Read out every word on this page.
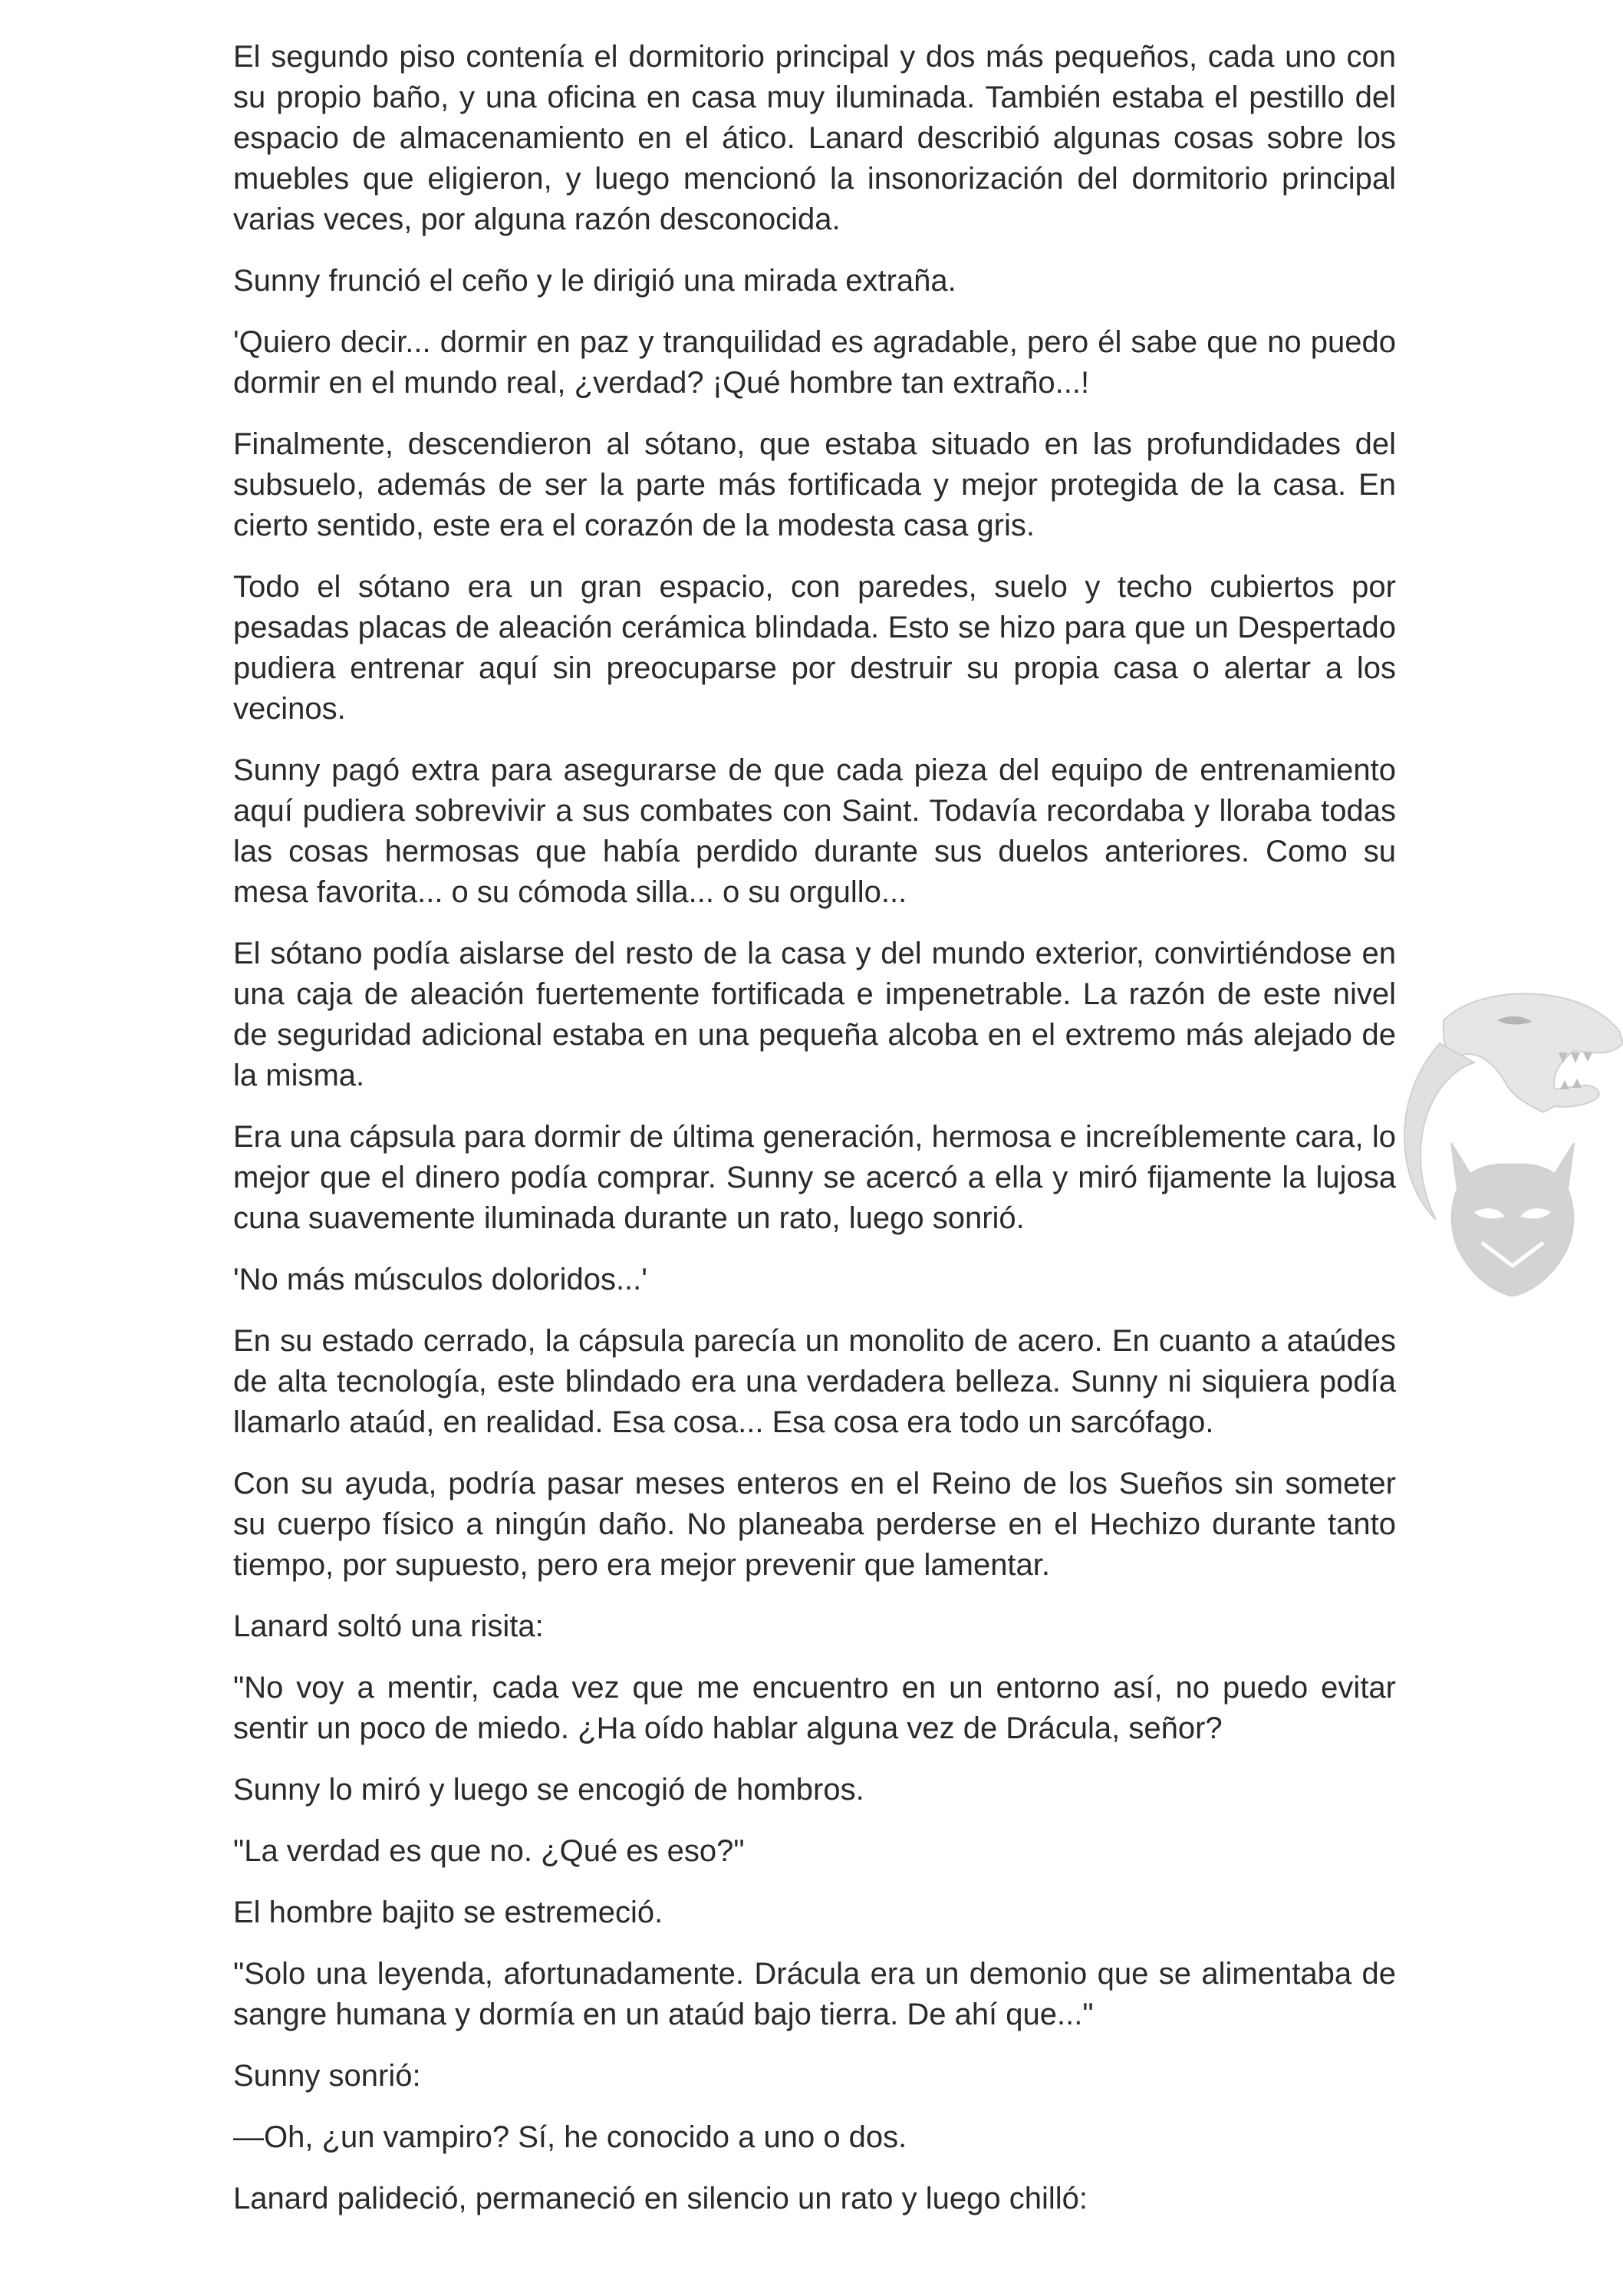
El segundo piso contenía el dormitorio principal y dos más pequeños, cada uno con su propio baño, y una oficina en casa muy iluminada. También estaba el pestillo del espacio de almacenamiento en el ático. Lanard describió algunas cosas sobre los muebles que eligieron, y luego mencionó la insonorización del dormitorio principal varias veces, por alguna razón desconocida.

Sunny frunció el ceño y le dirigió una mirada extraña.

'Quiero decir... dormir en paz y tranquilidad es agradable, pero él sabe que no puedo dormir en el mundo real, ¿verdad? ¡Qué hombre tan extraño...!

Finalmente, descendieron al sótano, que estaba situado en las profundidades del subsuelo, además de ser la parte más fortificada y mejor protegida de la casa. En cierto sentido, este era el corazón de la modesta casa gris.

Todo el sótano era un gran espacio, con paredes, suelo y techo cubiertos por pesadas placas de aleación cerámica blindada. Esto se hizo para que un Despertado pudiera entrenar aquí sin preocuparse por destruir su propia casa o alertar a los vecinos.

Sunny pagó extra para asegurarse de que cada pieza del equipo de entrenamiento aquí pudiera sobrevivir a sus combates con Saint. Todavía recordaba y lloraba todas las cosas hermosas que había perdido durante sus duelos anteriores. Como su mesa favorita... o su cómoda silla... o su orgullo...

El sótano podía aislarse del resto de la casa y del mundo exterior, convirtiéndose en una caja de aleación fuertemente fortificada e impenetrable. La razón de este nivel de seguridad adicional estaba en una pequeña alcoba en el extremo más alejado de la misma.

Era una cápsula para dormir de última generación, hermosa e increíblemente cara, lo mejor que el dinero podía comprar. Sunny se acercó a ella y miró fijamente la lujosa cuna suavemente iluminada durante un rato, luego sonrió.

'No más músculos doloridos...'

En su estado cerrado, la cápsula parecía un monolito de acero. En cuanto a ataúdes de alta tecnología, este blindado era una verdadera belleza. Sunny ni siquiera podía llamarlo ataúd, en realidad. Esa cosa... Esa cosa era todo un sarcófago.

Con su ayuda, podría pasar meses enteros en el Reino de los Sueños sin someter su cuerpo físico a ningún daño. No planeaba perderse en el Hechizo durante tanto tiempo, por supuesto, pero era mejor prevenir que lamentar.

Lanard soltó una risita:

"No voy a mentir, cada vez que me encuentro en un entorno así, no puedo evitar sentir un poco de miedo. ¿Ha oído hablar alguna vez de Drácula, señor?

Sunny lo miró y luego se encogió de hombros.

"La verdad es que no. ¿Qué es eso?"

El hombre bajito se estremeció.

"Solo una leyenda, afortunadamente. Drácula era un demonio que se alimentaba de sangre humana y dormía en un ataúd bajo tierra. De ahí que..."

Sunny sonrió:

—Oh, ¿un vampiro? Sí, he conocido a uno o dos.

Lanard palideció, permaneció en silencio un rato y luego chilló:
